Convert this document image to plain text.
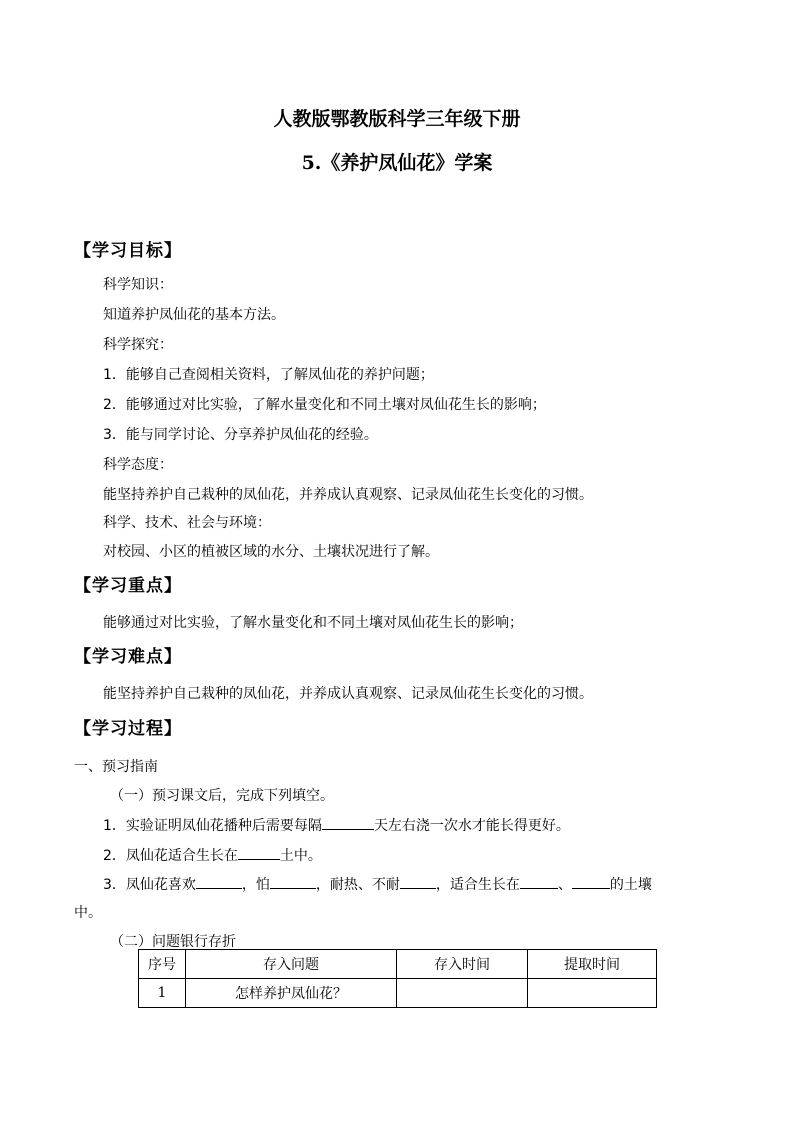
人教版鄂教版科学三年级下册
5.《养护凤仙花》学案
【学习目标】
科学知识：
知道养护凤仙花的基本方法。
科学探究：
1．能够自己查阅相关资料，了解凤仙花的养护问题；
2．能够通过对比实验，了解水量变化和不同土壤对凤仙花生长的影响；
3．能与同学讨论、分享养护凤仙花的经验。
科学态度：
能坚持养护自己栽种的凤仙花，并养成认真观察、记录凤仙花生长变化的习惯。
科学、技术、社会与环境：
对校园、小区的植被区域的水分、土壤状况进行了解。
【学习重点】
能够通过对比实验，了解水量变化和不同土壤对凤仙花生长的影响；
【学习难点】
能坚持养护自己栽种的凤仙花，并养成认真观察、记录凤仙花生长变化的习惯。
【学习过程】
一、预习指南
（一）预习课文后，完成下列填空。
1．实验证明凤仙花播种后需要每隔	天左右浇一次水才能长得更好。
2．凤仙花适合生长在	土中。
3．凤仙花喜欢	，怕	，耐热、不耐	，适合生长在	、	的土壤
中。
（二）问题银行存折
序号	存入问题	存入时间	提取时间
1	怎样养护凤仙花？		
